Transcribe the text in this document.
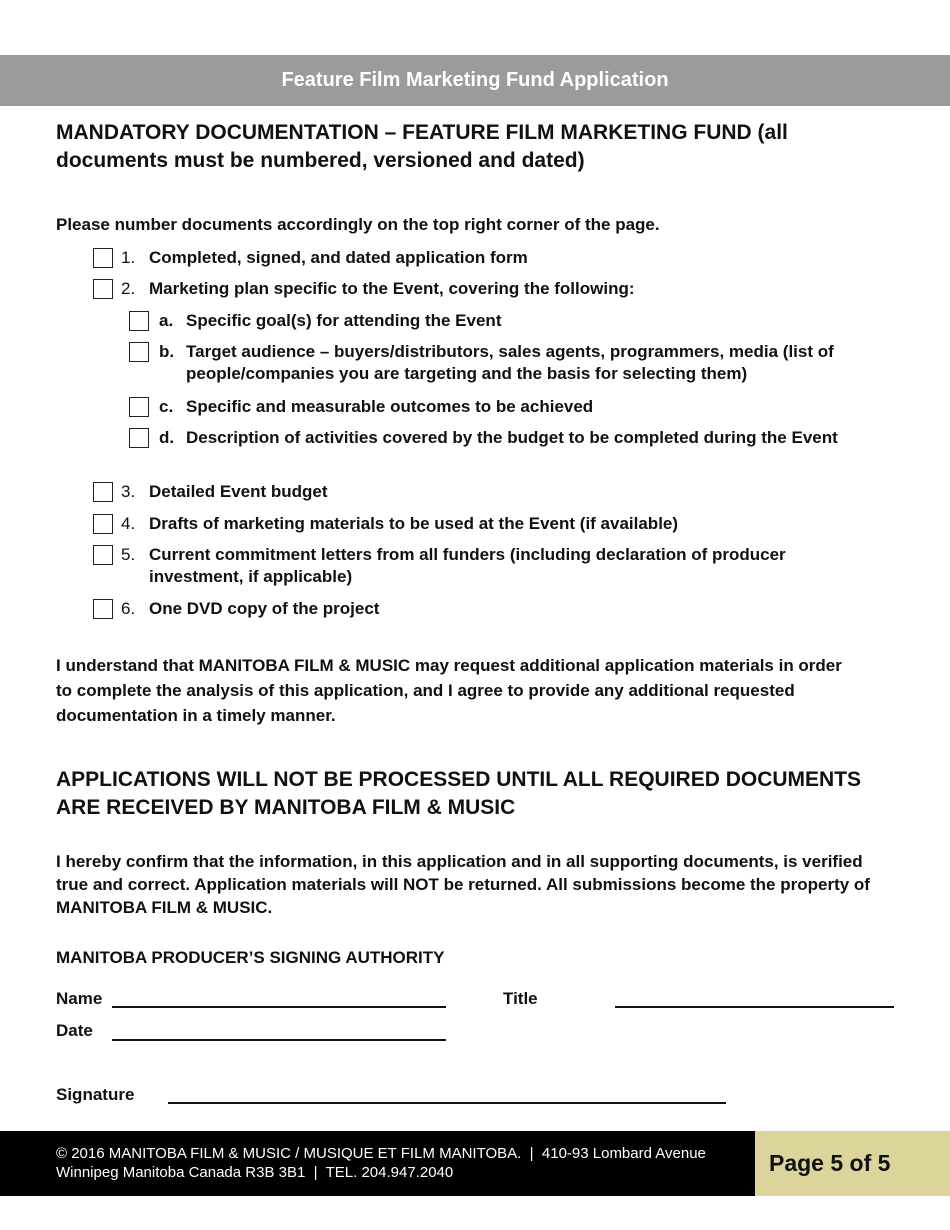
Feature Film Marketing Fund Application
MANDATORY DOCUMENTATION – FEATURE FILM MARKETING FUND (all documents must be numbered, versioned and dated)
Please number documents accordingly on the top right corner of the page.
1. Completed, signed, and dated application form
2. Marketing plan specific to the Event, covering the following:
a. Specific goal(s) for attending the Event
b. Target audience – buyers/distributors, sales agents, programmers, media (list of people/companies you are targeting and the basis for selecting them)
c. Specific and measurable outcomes to be achieved
d. Description of activities covered by the budget to be completed during the Event
3. Detailed Event budget
4. Drafts of marketing materials to be used at the Event (if available)
5. Current commitment letters from all funders (including declaration of producer investment, if applicable)
6. One DVD copy of the project
I understand that MANITOBA FILM & MUSIC may request additional application materials in order to complete the analysis of this application, and I agree to provide any additional requested documentation in a timely manner.
APPLICATIONS WILL NOT BE PROCESSED UNTIL ALL REQUIRED DOCUMENTS ARE RECEIVED BY MANITOBA FILM & MUSIC
I hereby confirm that the information, in this application and in all supporting documents, is verified true and correct. Application materials will NOT be returned. All submissions become the property of MANITOBA FILM & MUSIC.
MANITOBA PRODUCER’S SIGNING AUTHORITY
Name	Title
Date
Signature
© 2016 MANITOBA FILM & MUSIC / MUSIQUE ET FILM MANITOBA.  |  410-93 Lombard Avenue
Winnipeg Manitoba Canada R3B 3B1  |  TEL. 204.947.2040	Page 5 of 5
